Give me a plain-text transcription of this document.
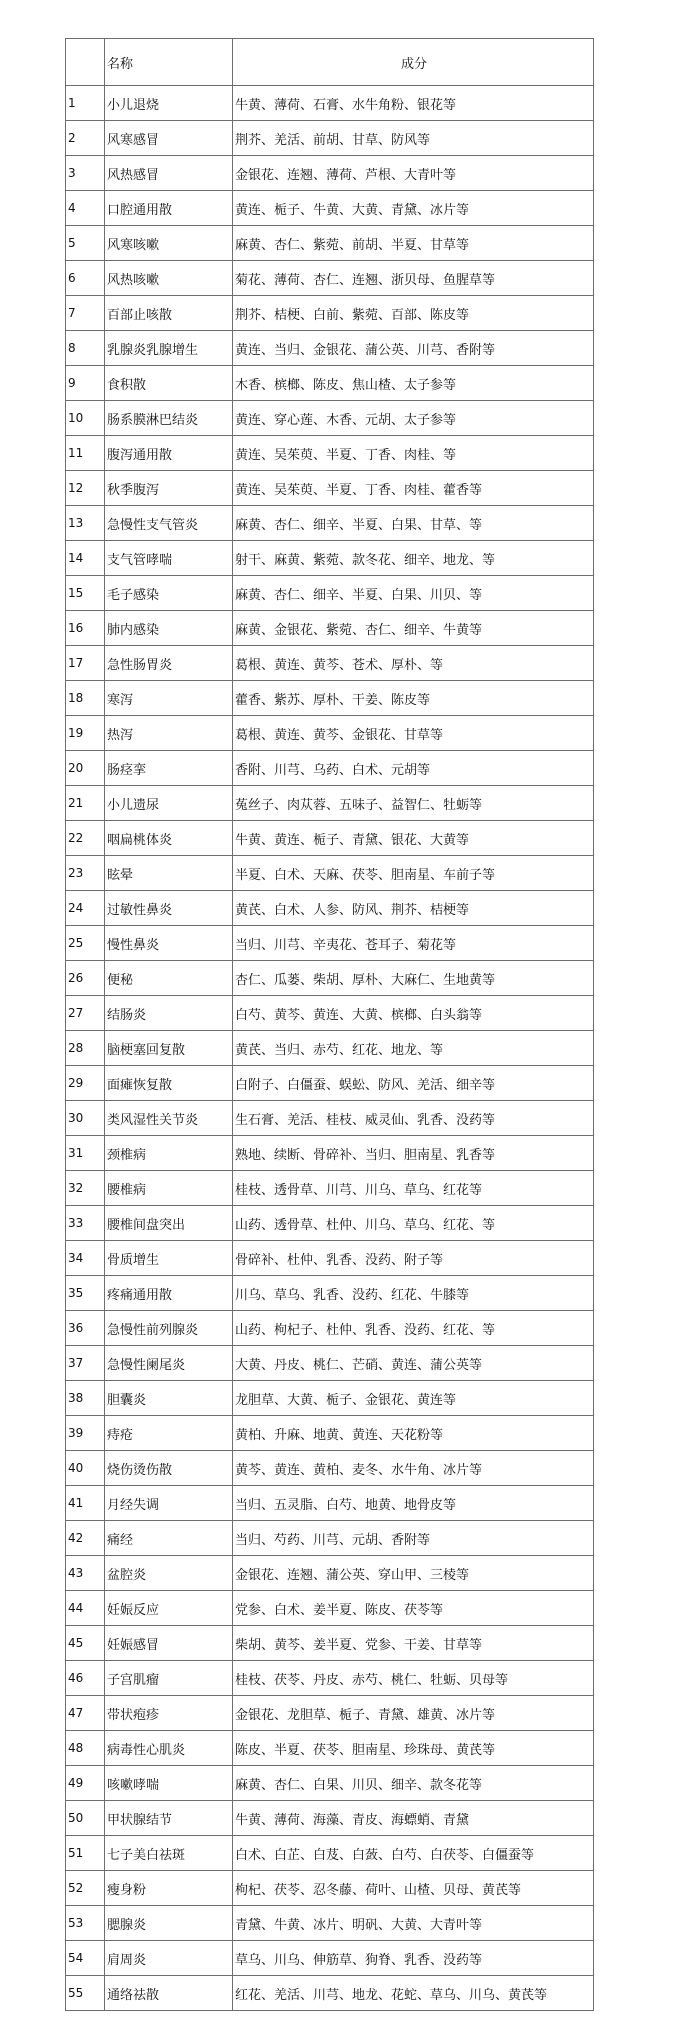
	名称	成分
1	小儿退烧	牛黄、薄荷、石膏、水牛角粉、银花等
2	风寒感冒	荆芥、羌活、前胡、甘草、防风等
3	风热感冒	金银花、连翘、薄荷、芦根、大青叶等
4	口腔通用散	黄连、栀子、牛黄、大黄、青黛、冰片等
5	风寒咳嗽	麻黄、杏仁、紫菀、前胡、半夏、甘草等
6	风热咳嗽	菊花、薄荷、杏仁、连翘、浙贝母、鱼腥草等
7	百部止咳散	荆芥、桔梗、白前、紫菀、百部、陈皮等
8	乳腺炎乳腺增生	黄连、当归、金银花、蒲公英、川芎、香附等
9	食积散	木香、槟榔、陈皮、焦山楂、太子参等
10	肠系膜淋巴结炎	黄连、穿心莲、木香、元胡、太子参等
11	腹泻通用散	黄连、吴茱萸、半夏、丁香、肉桂、等
12	秋季腹泻	黄连、吴茱萸、半夏、丁香、肉桂、藿香等
13	急慢性支气管炎	麻黄、杏仁、细辛、半夏、白果、甘草、等
14	支气管哮喘	射干、麻黄、紫菀、款冬花、细辛、地龙、等
15	毛子感染	麻黄、杏仁、细辛、半夏、白果、川贝、等
16	肺内感染	麻黄、金银花、紫菀、杏仁、细辛、牛黄等
17	急性肠胃炎	葛根、黄连、黄芩、苍术、厚朴、等
18	寒泻	藿香、紫苏、厚朴、干姜、陈皮等
19	热泻	葛根、黄连、黄芩、金银花、甘草等
20	肠痉挛	香附、川芎、乌药、白术、元胡等
21	小儿遗尿	菟丝子、肉苁蓉、五味子、益智仁、牡蛎等
22	咽扁桃体炎	牛黄、黄连、栀子、青黛、银花、大黄等
23	眩晕	半夏、白术、天麻、茯苓、胆南星、车前子等
24	过敏性鼻炎	黄芪、白术、人参、防风、荆芥、桔梗等
25	慢性鼻炎	当归、川芎、辛夷花、苍耳子、菊花等
26	便秘	杏仁、瓜蒌、柴胡、厚朴、大麻仁、生地黄等
27	结肠炎	白芍、黄芩、黄连、大黄、槟榔、白头翁等
28	脑梗塞回复散	黄芪、当归、赤芍、红花、地龙、等
29	面瘫恢复散	白附子、白僵蚕、蜈蚣、防风、羌活、细辛等
30	类风湿性关节炎	生石膏、羌活、桂枝、威灵仙、乳香、没药等
31	颈椎病	熟地、续断、骨碎补、当归、胆南星、乳香等
32	腰椎病	桂枝、透骨草、川芎、川乌、草乌、红花等
33	腰椎间盘突出	山药、透骨草、杜仲、川乌、草乌、红花、等
34	骨质增生	骨碎补、杜仲、乳香、没药、附子等
35	疼痛通用散	川乌、草乌、乳香、没药、红花、牛膝等
36	急慢性前列腺炎	山药、枸杞子、杜仲、乳香、没药、红花、等
37	急慢性阑尾炎	大黄、丹皮、桃仁、芒硝、黄连、蒲公英等
38	胆囊炎	龙胆草、大黄、栀子、金银花、黄连等
39	痔疮	黄柏、升麻、地黄、黄连、天花粉等
40	烧伤烫伤散	黄芩、黄连、黄柏、麦冬、水牛角、冰片等
41	月经失调	当归、五灵脂、白芍、地黄、地骨皮等
42	痛经	当归、芍药、川芎、元胡、香附等
43	盆腔炎	金银花、连翘、蒲公英、穿山甲、三棱等
44	妊娠反应	党参、白术、姜半夏、陈皮、茯苓等
45	妊娠感冒	柴胡、黄芩、姜半夏、党参、干姜、甘草等
46	子宫肌瘤	桂枝、茯苓、丹皮、赤芍、桃仁、牡蛎、贝母等
47	带状疱疹	金银花、龙胆草、栀子、青黛、雄黄、冰片等
48	病毒性心肌炎	陈皮、半夏、茯苓、胆南星、珍珠母、黄芪等
49	咳嗽哮喘	麻黄、杏仁、白果、川贝、细辛、款冬花等
50	甲状腺结节	牛黄、薄荷、海藻、青皮、海螵蛸、青黛
51	七子美白祛斑	白术、白芷、白芨、白蔹、白芍、白茯苓、白僵蚕等
52	瘦身粉	枸杞、茯苓、忍冬藤、荷叶、山楂、贝母、黄芪等
53	腮腺炎	青黛、牛黄、冰片、明矾、大黄、大青叶等
54	肩周炎	草乌、川乌、伸筋草、狗脊、乳香、没药等
55	通络祛散	红花、羌活、川芎、地龙、花蛇、草乌、川乌、黄芪等
